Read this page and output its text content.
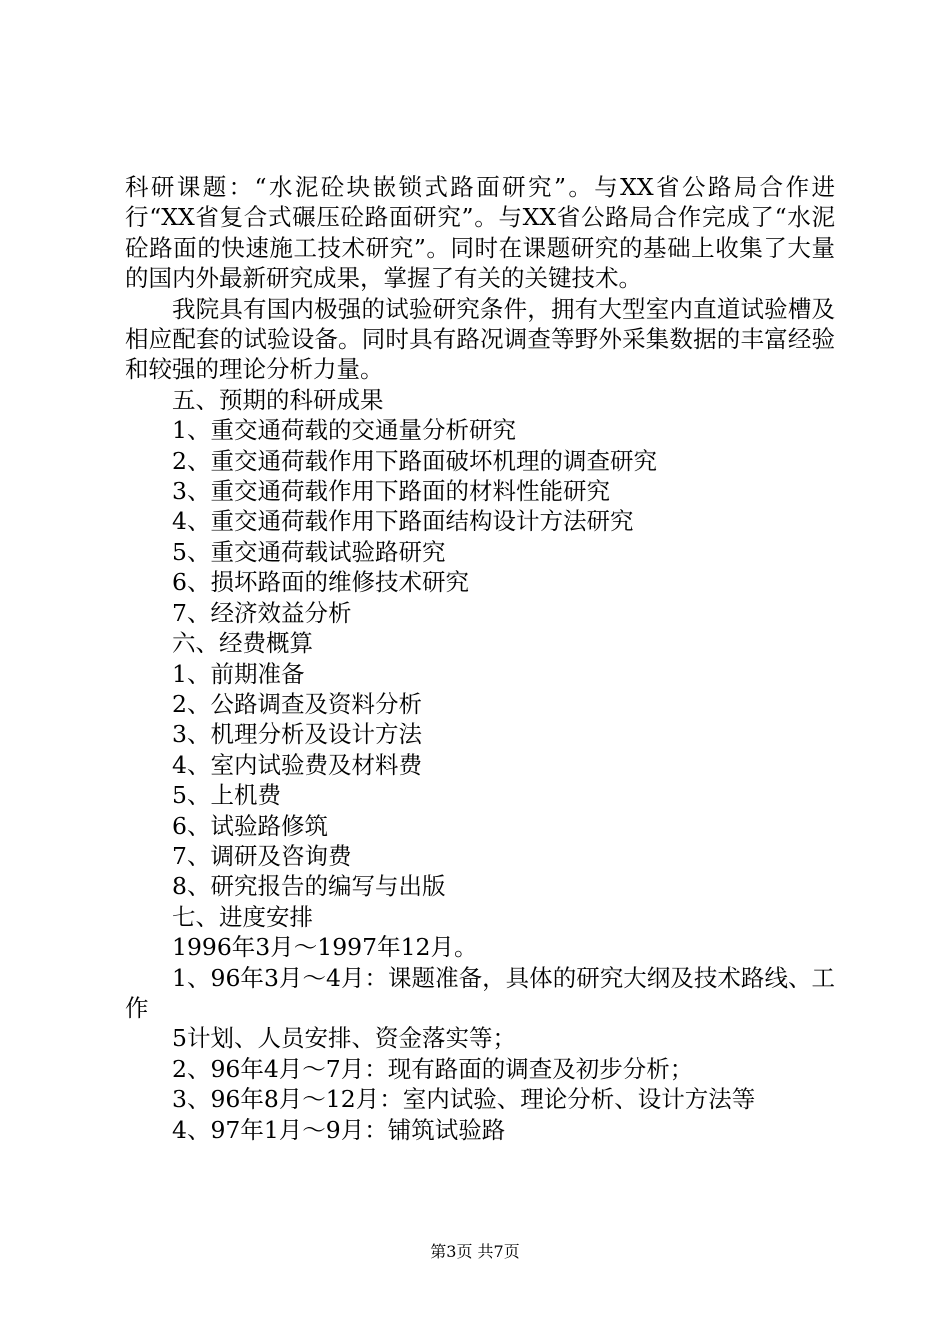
科研课题：“水泥砼块嵌锁式路面研究”。与XX省公路局合作进行“XX省复合式碾压砼路面研究”。与XX省公路局合作完成了“水泥砼路面的快速施工技术研究”。同时在课题研究的基础上收集了大量的国内外最新研究成果，掌握了有关的关键技术。

我院具有国内极强的试验研究条件，拥有大型室内直道试验槽及相应配套的试验设备。同时具有路况调查等野外采集数据的丰富经验和较强的理论分析力量。

五、预期的科研成果

1、重交通荷载的交通量分析研究

2、重交通荷载作用下路面破坏机理的调查研究

3、重交通荷载作用下路面的材料性能研究

4、重交通荷载作用下路面结构设计方法研究

5、重交通荷载试验路研究

6、损坏路面的维修技术研究

7、经济效益分析

六、经费概算

1、前期准备

2、公路调查及资料分析

3、机理分析及设计方法

4、室内试验费及材料费

5、上机费

6、试验路修筑

7、调研及咨询费

8、研究报告的编写与出版

七、进度安排

1996年3月～1997年12月。

1、96年3月～4月：课题准备，具体的研究大纲及技术路线、工作

5计划、人员安排、资金落实等；

2、96年4月～7月：现有路面的调查及初步分析；

3、96年8月～12月：室内试验、理论分析、设计方法等

4、97年1月～9月：铺筑试验路

第3页 共7页
